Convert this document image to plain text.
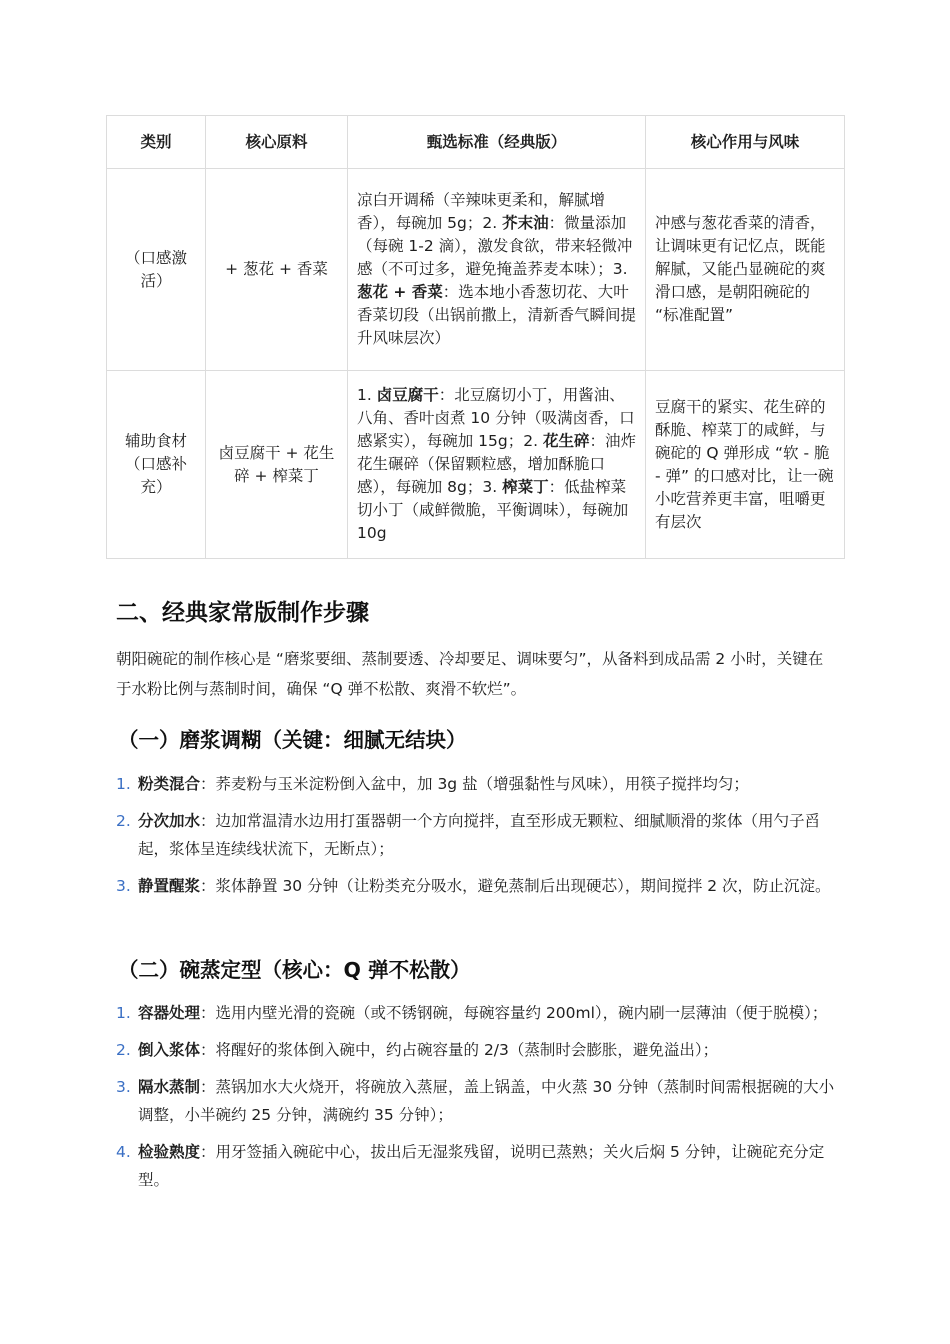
类别	核心原料	甄选标准（经典版）	核心作用与风味
（口感激活）	+ 葱花 + 香菜	凉白开调稀（辛辣味更柔和，解腻增香），每碗加 5g；2. 芥末油：微量添加（每碗 1-2 滴），激发食欲，带来轻微冲感（不可过多，避免掩盖荞麦本味）；3. 葱花 + 香菜：选本地小香葱切花、大叶香菜切段（出锅前撒上，清新香气瞬间提升风味层次）	冲感与葱花香菜的清香，让调味更有记忆点，既能解腻，又能凸显碗砣的爽滑口感，是朝阳碗砣的 “标准配置”
辅助食材（口感补充）	卤豆腐干 + 花生碎 + 榨菜丁	1. 卤豆腐干：北豆腐切小丁，用酱油、八角、香叶卤煮 10 分钟（吸满卤香，口感紧实），每碗加 15g；2. 花生碎：油炸花生碾碎（保留颗粒感，增加酥脆口感），每碗加 8g；3. 榨菜丁：低盐榨菜切小丁（咸鲜微脆，平衡调味），每碗加 10g	豆腐干的紧实、花生碎的酥脆、榨菜丁的咸鲜，与碗砣的 Q 弹形成 “软 - 脆 - 弹” 的口感对比，让一碗小吃营养更丰富，咀嚼更有层次
二、经典家常版制作步骤

朝阳碗砣的制作核心是 “磨浆要细、蒸制要透、冷却要足、调味要匀”，从备料到成品需 2 小时，关键在于水粉比例与蒸制时间，确保 “Q 弹不松散、爽滑不软烂”。

（一）磨浆调糊（关键：细腻无结块）
1. 粉类混合：荞麦粉与玉米淀粉倒入盆中，加 3g 盐（增强黏性与风味），用筷子搅拌均匀；
2. 分次加水：边加常温清水边用打蛋器朝一个方向搅拌，直至形成无颗粒、细腻顺滑的浆体（用勺子舀起，浆体呈连续线状流下，无断点）；
3. 静置醒浆：浆体静置 30 分钟（让粉类充分吸水，避免蒸制后出现硬芯），期间搅拌 2 次，防止沉淀。
（二）碗蒸定型（核心：Q 弹不松散）
1. 容器处理：选用内壁光滑的瓷碗（或不锈钢碗，每碗容量约 200ml），碗内刷一层薄油（便于脱模）；
2. 倒入浆体：将醒好的浆体倒入碗中，约占碗容量的 2/3（蒸制时会膨胀，避免溢出）；
3. 隔水蒸制：蒸锅加水大火烧开，将碗放入蒸屉，盖上锅盖，中火蒸 30 分钟（蒸制时间需根据碗的大小调整，小半碗约 25 分钟，满碗约 35 分钟）；
4. 检验熟度：用牙签插入碗砣中心，拔出后无湿浆残留，说明已蒸熟；关火后焖 5 分钟，让碗砣充分定型。
